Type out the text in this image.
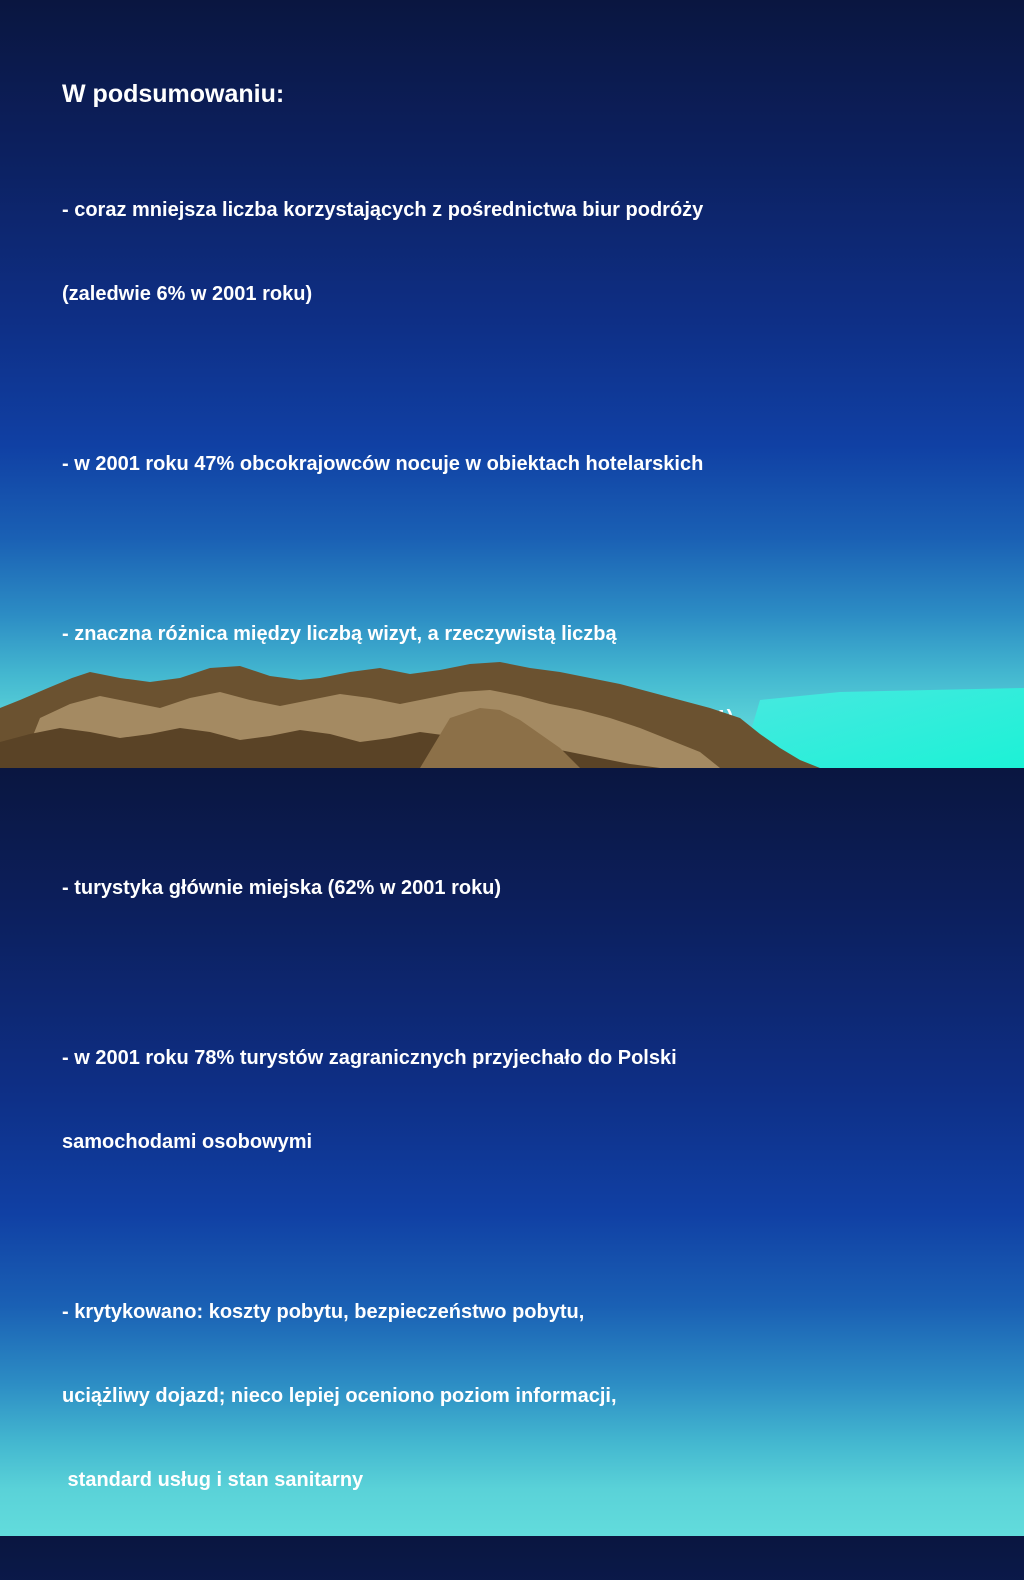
W podsumowaniu:

- coraz mniejsza liczba korzystających z pośrednictwa biur podróży

(zaledwie 6% w 2001 roku)

- w 2001 roku 47% obcokrajowców nocuje w obiektach hotelarskich

- znaczna różnica między liczbą wizyt, a rzeczywistą liczbą

- turystyka głównie miejska (62% w 2001 roku)

- w 2001 roku 78% turystów zagranicznych przyjechało do Polski

samochodami osobowymi

- krytykowano: koszty pobytu, bezpieczeństwo pobytu,

uciążliwy dojazd; nieco lepiej oceniono poziom informacji,

standard usług i stan sanitarny
